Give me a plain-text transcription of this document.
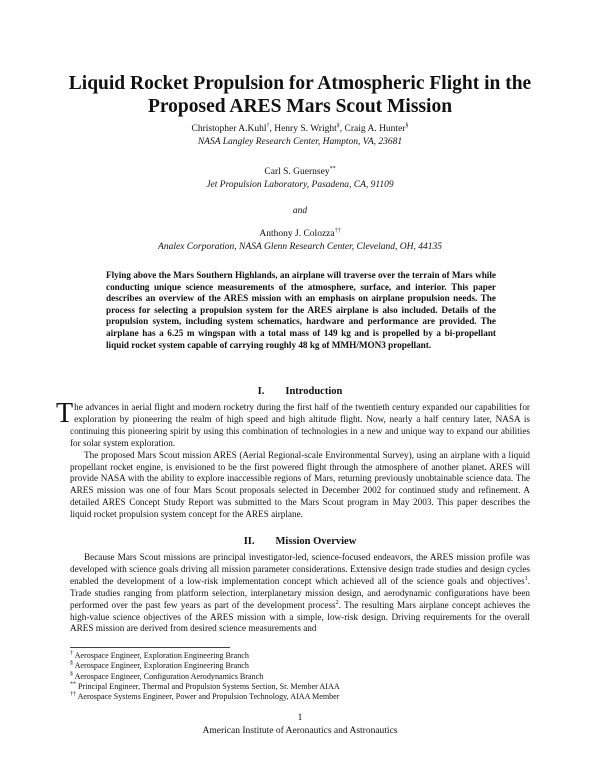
Liquid Rocket Propulsion for Atmospheric Flight in the Proposed ARES Mars Scout Mission
Christopher A.Kuhl†, Henry S. Wright§, Craig A. Hunter§
NASA Langley Research Center, Hampton, VA, 23681
Carl S. Guernsey**
Jet Propulsion Laboratory, Pasadena, CA, 91109
and
Anthony J. Colozza††
Analex Corporation, NASA Glenn Research Center, Cleveland, OH, 44135

Flying above the Mars Southern Highlands, an airplane will traverse over the terrain of Mars while conducting unique science measurements of the atmosphere, surface, and interior. This paper describes an overview of the ARES mission with an emphasis on airplane propulsion needs. The process for selecting a propulsion system for the ARES airplane is also included. Details of the propulsion system, including system schematics, hardware and performance are provided. The airplane has a 6.25 m wingspan with a total mass of 149 kg and is propelled by a bi-propellant liquid rocket system capable of carrying roughly 48 kg of MMH/MON3 propellant.

I.  Introduction

The advances in aerial flight and modern rocketry during the first half of the twentieth century expanded our capabilities for exploration by pioneering the realm of high speed and high altitude flight. Now, nearly a half century later, NASA is continuing this pioneering spirit by using this combination of technologies in a new and unique way to expand our abilities for solar system exploration.

The proposed Mars Scout mission ARES (Aerial Regional-scale Environmental Survey), using an airplane with a liquid propellant rocket engine, is envisioned to be the first powered flight through the atmosphere of another planet. ARES will provide NASA with the ability to explore inaccessible regions of Mars, returning previously unobtainable science data. The ARES mission was one of four Mars Scout proposals selected in December 2002 for continued study and refinement. A detailed ARES Concept Study Report was submitted to the Mars Scout program in May 2003. This paper describes the liquid rocket propulsion system concept for the ARES airplane.

II.  Mission Overview

Because Mars Scout missions are principal investigator-led, science-focused endeavors, the ARES mission profile was developed with science goals driving all mission parameter considerations. Extensive design trade studies and design cycles enabled the development of a low-risk implementation concept which achieved all of the science goals and objectives$^1$. Trade studies ranging from platform selection, interplanetary mission design, and aerodynamic configurations have been performed over the past few years as part of the development process$^2$. The resulting Mars airplane concept achieves the high-value science objectives of the ARES mission with a simple, low-risk design. Driving requirements for the overall ARES mission are derived from desired science measurements and

† Aerospace Engineer, Exploration Engineering Branch
§ Aerospace Engineer, Exploration Engineering Branch
§ Aerospace Engineer, Configuration Aerodynamics Branch
** Principal Engineer, Thermal and Propulsion Systems Section, Sr. Member AIAA
†† Aerospace Systems Engineer, Power and Propulsion Technology, AIAA Member
1
American Institute of Aeronautics and Astronautics
